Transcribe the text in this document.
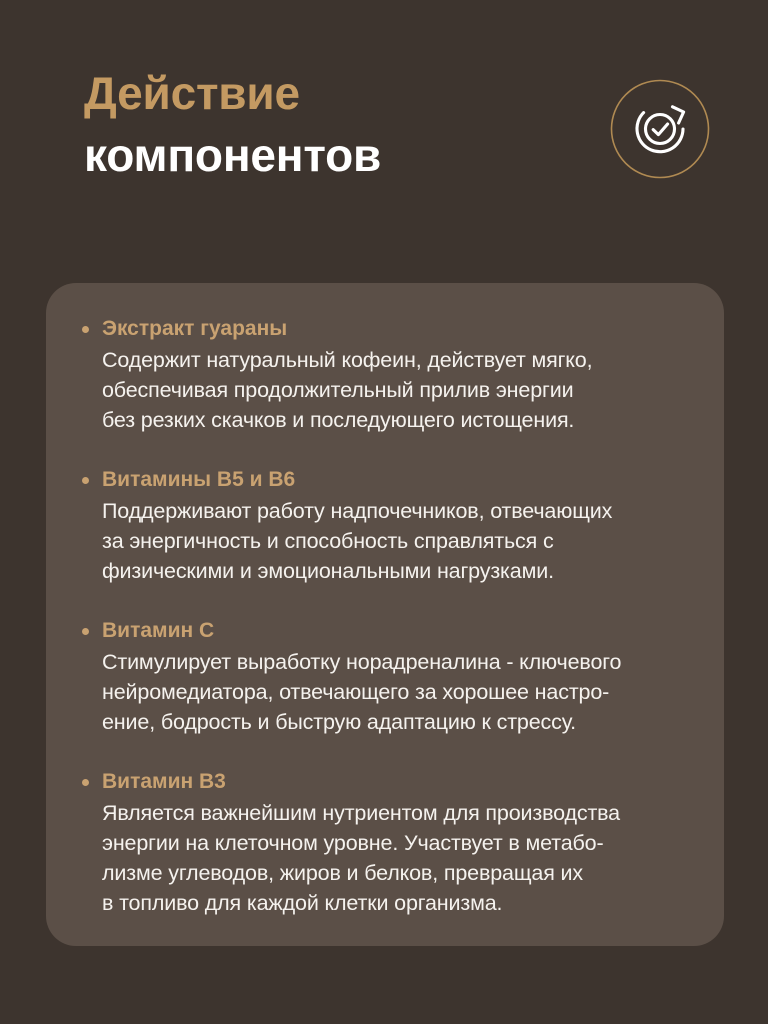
Действие
компонентов
Экстракт гуараны
Содержит натуральный кофеин, действует мягко,
обеспечивая продолжительный прилив энергии
без резких скачков и последующего истощения.
Витамины B5 и B6
Поддерживают работу надпочечников, отвечающих
за энергичность и способность справляться с
физическими и эмоциональными нагрузками.
Витамин C
Стимулирует выработку норадреналина - ключевого
нейромедиатора, отвечающего за хорошее настро-
ение, бодрость и быструю адаптацию к стрессу.
Витамин B3
Является важнейшим нутриентом для производства
энергии на клеточном уровне. Участвует в метабо-
лизме углеводов, жиров и белков, превращая их
в топливо для каждой клетки организма.
